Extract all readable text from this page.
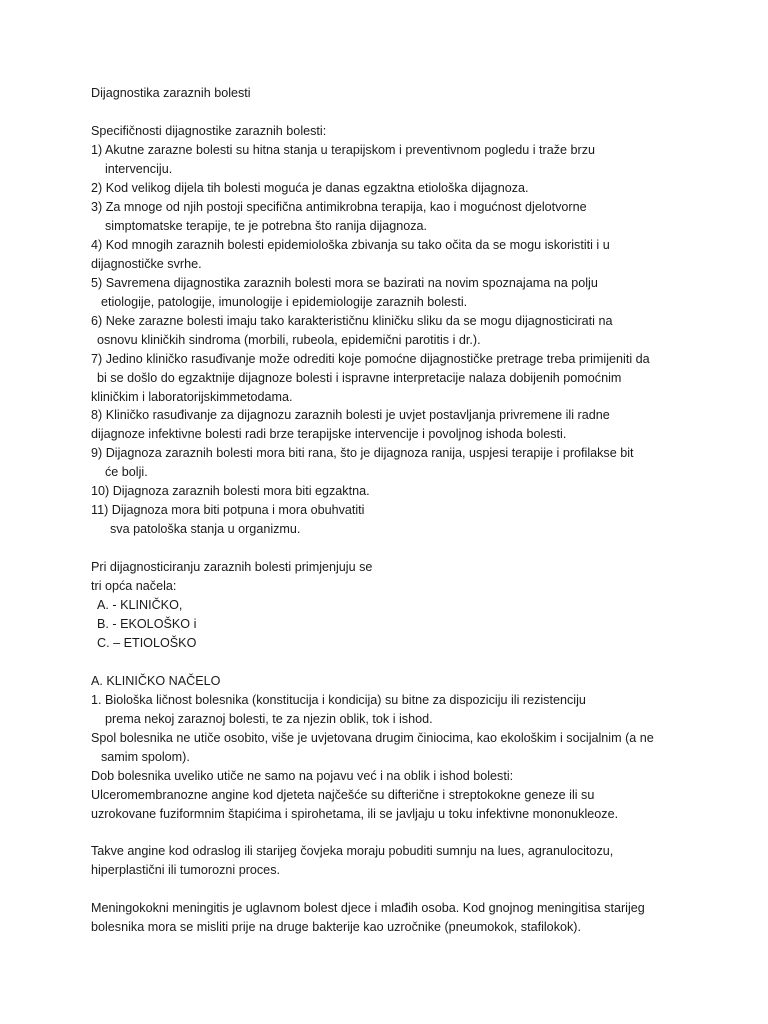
Dijagnostika zaraznih bolesti
Specifičnosti dijagnostike zaraznih bolesti:
1) Akutne zarazne bolesti su hitna stanja u terapijskom i preventivnom pogledu i traže brzu
intervenciju.
2) Kod velikog dijela tih bolesti moguća je danas egzaktna etiološka dijagnoza.
3) Za mnoge od njih postoji specifična antimikrobna terapija, kao i mogućnost djelotvorne
simptomatske terapije, te je potrebna što ranija dijagnoza.
4) Kod mnogih zaraznih bolesti epidemiološka zbivanja su tako očita da se mogu iskoristiti i u
dijagnostičke svrhe.
5) Savremena dijagnostika zaraznih bolesti mora se bazirati na novim spoznajama na polju
etiologije, patologije, imunologije i epidemiologije zaraznih bolesti.
6) Neke zarazne bolesti imaju tako karakterističnu kliničku sliku da se mogu dijagnosticirati na
osnovu kliničkih sindroma (morbili, rubeola, epidemični parotitis i dr.).
7) Jedino kliničko rasuđivanje može odrediti koje pomoćne dijagnostičke pretrage treba primijeniti da
bi se došlo do egzaktnije dijagnoze bolesti i ispravne interpretacije nalaza dobijenih pomoćnim
kliničkim i laboratorijskimmetodama.
8) Kliničko rasuđivanje za dijagnozu zaraznih bolesti je uvjet postavljanja privremene ili radne
dijagnoze infektivne bolesti radi brze terapijske intervencije i povoljnog ishoda bolesti.
9) Dijagnoza zaraznih bolesti mora biti rana, što je dijagnoza ranija, uspjesi terapije i profilakse bit
će bolji.
10) Dijagnoza zaraznih bolesti mora biti egzaktna.
11) Dijagnoza mora biti potpuna i mora obuhvatiti
sva patološka stanja u organizmu.
Pri dijagnosticiranju zaraznih bolesti primjenjuju se
tri opća načela:
A. - KLINIČKO,
B. - EKOLOŠKO i
C. – ETIOLOŠKO
A. KLINIČKO NAČELO
1. Biološka ličnost bolesnika (konstitucija i kondicija) su bitne za dispoziciju ili rezistenciju
prema nekoj zaraznoj bolesti, te za njezin oblik, tok i ishod.
Spol bolesnika ne utiče osobito, više je uvjetovana drugim činiocima, kao ekološkim i socijalnim (a ne
samim spolom).
Dob bolesnika uveliko utiče ne samo na pojavu već i na oblik i ishod bolesti:
Ulceromembranozne angine kod djeteta najčešće su difterične i streptokokne geneze ili su
uzrokovane fuziformnim štapićima i spirohetama, ili se javljaju u toku infektivne mononukleoze.
Takve angine kod odraslog ili starijeg čovjeka moraju pobuditi sumnju na lues, agranulocitozu,
hiperplastični ili tumorozni proces.
Meningokokni meningitis je uglavnom bolest djece i mlađih osoba. Kod gnojnog meningitisa starijeg
bolesnika mora se misliti prije na druge bakterije kao uzročnike (pneumokok, stafilokok).
